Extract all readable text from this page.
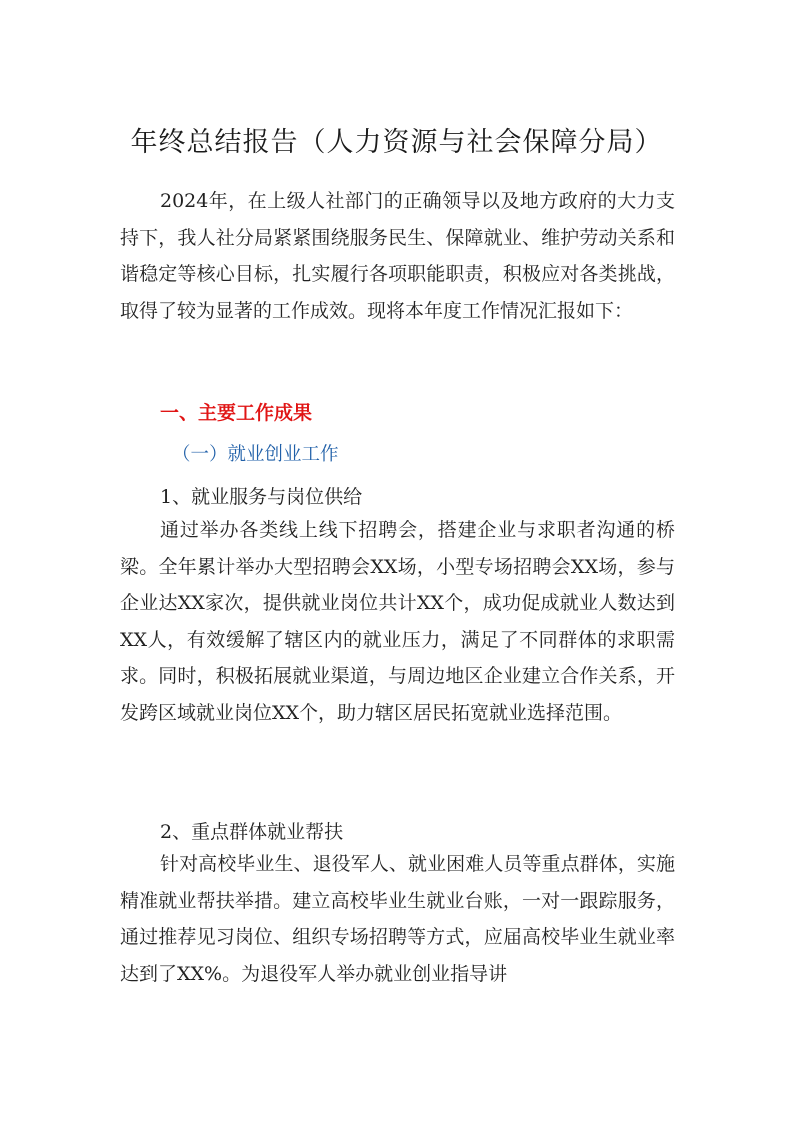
年终总结报告（人力资源与社会保障分局）

2024年，在上级人社部门的正确领导以及地方政府的大力支持下，我人社分局紧紧围绕服务民生、保障就业、维护劳动关系和谐稳定等核心目标，扎实履行各项职能职责，积极应对各类挑战，取得了较为显著的工作成效。现将本年度工作情况汇报如下：

一、主要工作成果

（一）就业创业工作

1、就业服务与岗位供给

通过举办各类线上线下招聘会，搭建企业与求职者沟通的桥梁。全年累计举办大型招聘会XX场，小型专场招聘会XX场，参与企业达XX家次，提供就业岗位共计XX个，成功促成就业人数达到XX人，有效缓解了辖区内的就业压力，满足了不同群体的求职需求。同时，积极拓展就业渠道，与周边地区企业建立合作关系，开发跨区域就业岗位XX个，助力辖区居民拓宽就业选择范围。

2、重点群体就业帮扶

针对高校毕业生、退役军人、就业困难人员等重点群体，实施精准就业帮扶举措。建立高校毕业生就业台账，一对一跟踪服务，通过推荐见习岗位、组织专场招聘等方式，应届高校毕业生就业率达到了XX%。为退役军人举办就业创业指导讲
